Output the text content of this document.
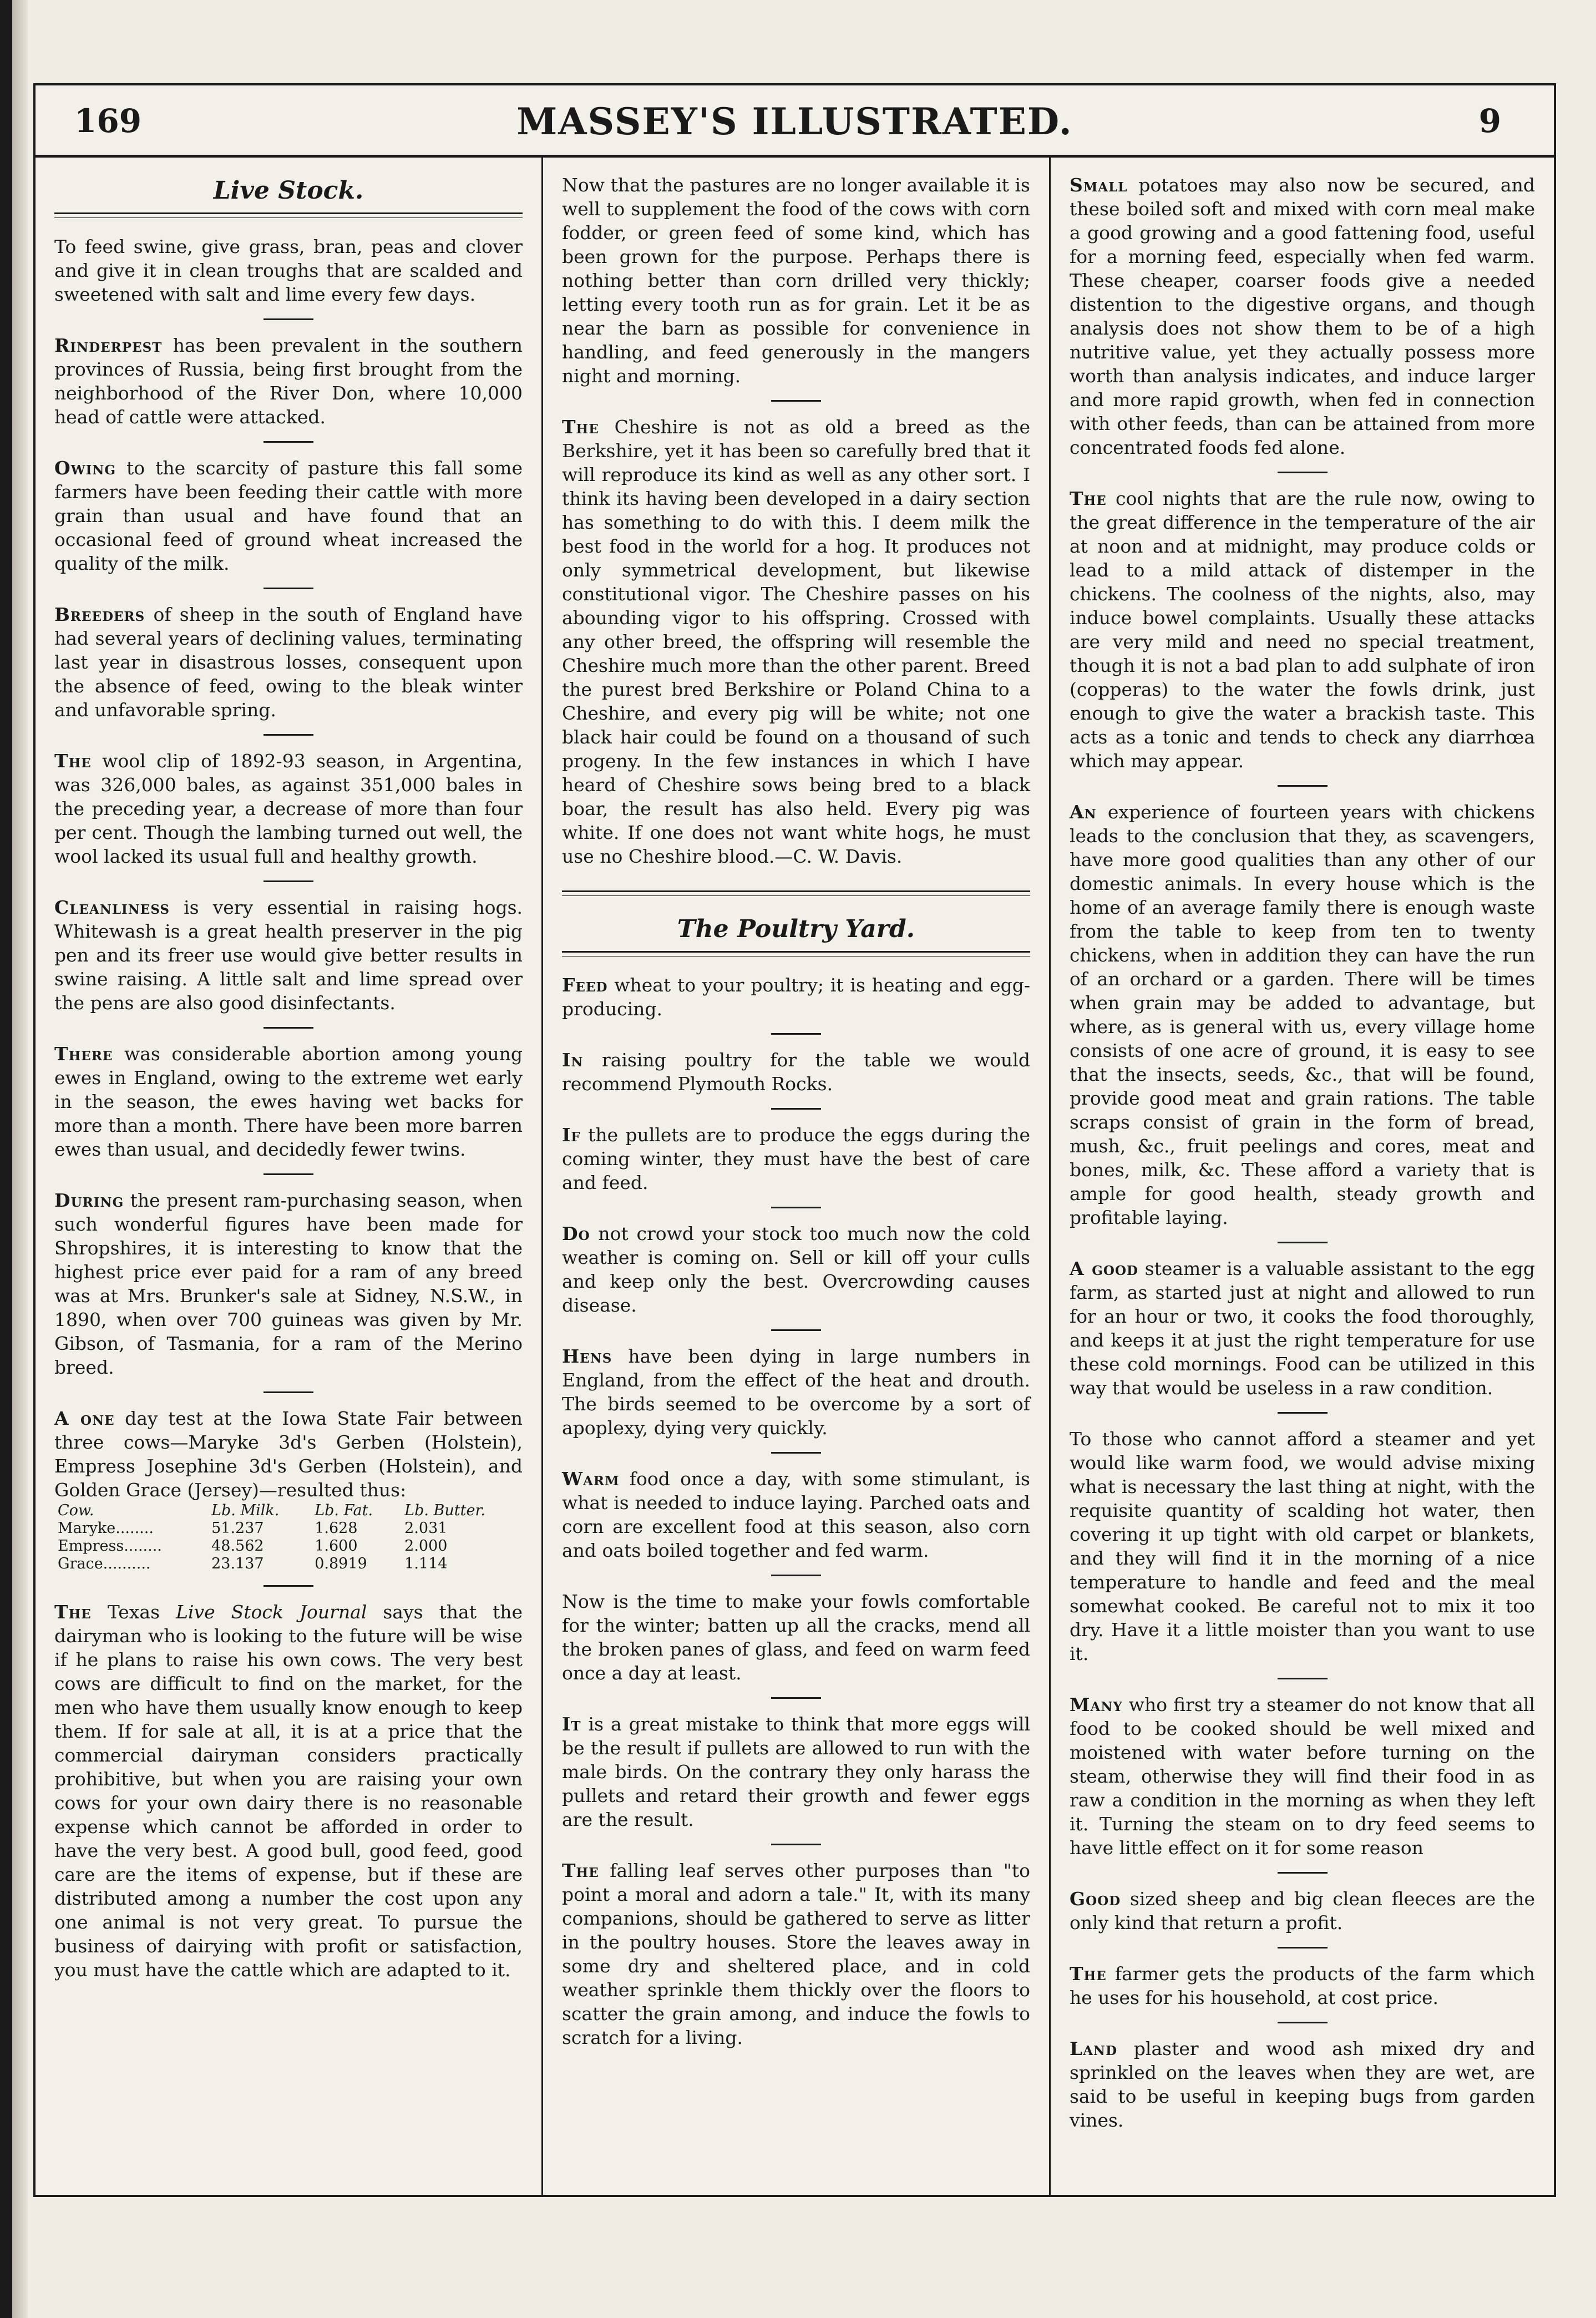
169	MASSEY'S ILLUSTRATED.	9
Live Stock.

To feed swine, give grass, bran, peas and clover and give it in clean troughs that are scalded and sweetened with salt and lime every few days.

Rinderpest has been prevalent in the southern provinces of Russia, being first brought from the neighborhood of the River Don, where 10,000 head of cattle were attacked.

Owing to the scarcity of pasture this fall some farmers have been feeding their cattle with more grain than usual and have found that an occasional feed of ground wheat increased the quality of the milk.

Breeders of sheep in the south of England have had several years of declining values, terminating last year in disastrous losses, consequent upon the absence of feed, owing to the bleak winter and unfavorable spring.

The wool clip of 1892-93 season, in Argentina, was 326,000 bales, as against 351,000 bales in the preceding year, a decrease of more than four per cent. Though the lambing turned out well, the wool lacked its usual full and healthy growth.

Cleanliness is very essential in raising hogs. Whitewash is a great health preserver in the pig pen and its freer use would give better results in swine raising. A little salt and lime spread over the pens are also good disinfectants.

There was considerable abortion among young ewes in England, owing to the extreme wet early in the season, the ewes having wet backs for more than a month. There have been more barren ewes than usual, and decidedly fewer twins.

During the present ram-purchasing season, when such wonderful figures have been made for Shropshires, it is interesting to know that the highest price ever paid for a ram of any breed was at Mrs. Brunker's sale at Sidney, N.S.W., in 1890, when over 700 guineas was given by Mr. Gibson, of Tasmania, for a ram of the Merino breed.

A one day test at the Iowa State Fair between three cows—Maryke 3d's Gerben (Holstein), Empress Josephine 3d's Gerben (Holstein), and Golden Grace (Jersey)—resulted thus:

Cow.	Lb. Milk.	Lb. Fat.	Lb. Butter.
Maryke........	51.237	1.628	2.031
Empress........	48.562	1.600	2.000
Grace..........	23.137	0.8919	1.114

The Texas Live Stock Journal says that the dairyman who is looking to the future will be wise if he plans to raise his own cows. The very best cows are difficult to find on the market, for the men who have them usually know enough to keep them. If for sale at all, it is at a price that the commercial dairyman considers practically prohibitive, but when you are raising your own cows for your own dairy there is no reasonable expense which cannot be afforded in order to have the very best. A good bull, good feed, good care are the items of expense, but if these are distributed among a number the cost upon any one animal is not very great. To pursue the business of dairying with profit or satisfaction, you must have the cattle which are adapted to it.

Now that the pastures are no longer available it is well to supplement the food of the cows with corn fodder, or green feed of some kind, which has been grown for the purpose. Perhaps there is nothing better than corn drilled very thickly; letting every tooth run as for grain. Let it be as near the barn as possible for convenience in handling, and feed generously in the mangers night and morning.

The Cheshire is not as old a breed as the Berkshire, yet it has been so carefully bred that it will reproduce its kind as well as any other sort. I think its having been developed in a dairy section has something to do with this. I deem milk the best food in the world for a hog. It produces not only symmetrical development, but likewise constitutional vigor. The Cheshire passes on his abounding vigor to his offspring. Crossed with any other breed, the offspring will resemble the Cheshire much more than the other parent. Breed the purest bred Berkshire or Poland China to a Cheshire, and every pig will be white; not one black hair could be found on a thousand of such progeny. In the few instances in which I have heard of Cheshire sows being bred to a black boar, the result has also held. Every pig was white. If one does not want white hogs, he must use no Cheshire blood.—C. W. Davis.

The Poultry Yard.

Feed wheat to your poultry; it is heating and egg-producing.

In raising poultry for the table we would recommend Plymouth Rocks.

If the pullets are to produce the eggs during the coming winter, they must have the best of care and feed.

Do not crowd your stock too much now the cold weather is coming on. Sell or kill off your culls and keep only the best. Overcrowding causes disease.

Hens have been dying in large numbers in England, from the effect of the heat and drouth. The birds seemed to be overcome by a sort of apoplexy, dying very quickly.

Warm food once a day, with some stimulant, is what is needed to induce laying. Parched oats and corn are excellent food at this season, also corn and oats boiled together and fed warm.

Now is the time to make your fowls comfortable for the winter; batten up all the cracks, mend all the broken panes of glass, and feed on warm feed once a day at least.

It is a great mistake to think that more eggs will be the result if pullets are allowed to run with the male birds. On the contrary they only harass the pullets and retard their growth and fewer eggs are the result.

The falling leaf serves other purposes than "to point a moral and adorn a tale." It, with its many companions, should be gathered to serve as litter in the poultry houses. Store the leaves away in some dry and sheltered place, and in cold weather sprinkle them thickly over the floors to scatter the grain among, and induce the fowls to scratch for a living.

Small potatoes may also now be secured, and these boiled soft and mixed with corn meal make a good growing and a good fattening food, useful for a morning feed, especially when fed warm. These cheaper, coarser foods give a needed distention to the digestive organs, and though analysis does not show them to be of a high nutritive value, yet they actually possess more worth than analysis indicates, and induce larger and more rapid growth, when fed in connection with other feeds, than can be attained from more concentrated foods fed alone.

The cool nights that are the rule now, owing to the great difference in the temperature of the air at noon and at midnight, may produce colds or lead to a mild attack of distemper in the chickens. The coolness of the nights, also, may induce bowel complaints. Usually these attacks are very mild and need no special treatment, though it is not a bad plan to add sulphate of iron (copperas) to the water the fowls drink, just enough to give the water a brackish taste. This acts as a tonic and tends to check any diarrhœa which may appear.

An experience of fourteen years with chickens leads to the conclusion that they, as scavengers, have more good qualities than any other of our domestic animals. In every house which is the home of an average family there is enough waste from the table to keep from ten to twenty chickens, when in addition they can have the run of an orchard or a garden. There will be times when grain may be added to advantage, but where, as is general with us, every village home consists of one acre of ground, it is easy to see that the insects, seeds, &c., that will be found, provide good meat and grain rations. The table scraps consist of grain in the form of bread, mush, &c., fruit peelings and cores, meat and bones, milk, &c. These afford a variety that is ample for good health, steady growth and profitable laying.

A good steamer is a valuable assistant to the egg farm, as started just at night and allowed to run for an hour or two, it cooks the food thoroughly, and keeps it at just the right temperature for use these cold mornings. Food can be utilized in this way that would be useless in a raw condition.

To those who cannot afford a steamer and yet would like warm food, we would advise mixing what is necessary the last thing at night, with the requisite quantity of scalding hot water, then covering it up tight with old carpet or blankets, and they will find it in the morning of a nice temperature to handle and feed and the meal somewhat cooked. Be careful not to mix it too dry. Have it a little moister than you want to use it.

Many who first try a steamer do not know that all food to be cooked should be well mixed and moistened with water before turning on the steam, otherwise they will find their food in as raw a condition in the morning as when they left it. Turning the steam on to dry feed seems to have little effect on it for some reason

Good sized sheep and big clean fleeces are the only kind that return a profit.

The farmer gets the products of the farm which he uses for his household, at cost price.

Land plaster and wood ash mixed dry and sprinkled on the leaves when they are wet, are said to be useful in keeping bugs from garden vines.
